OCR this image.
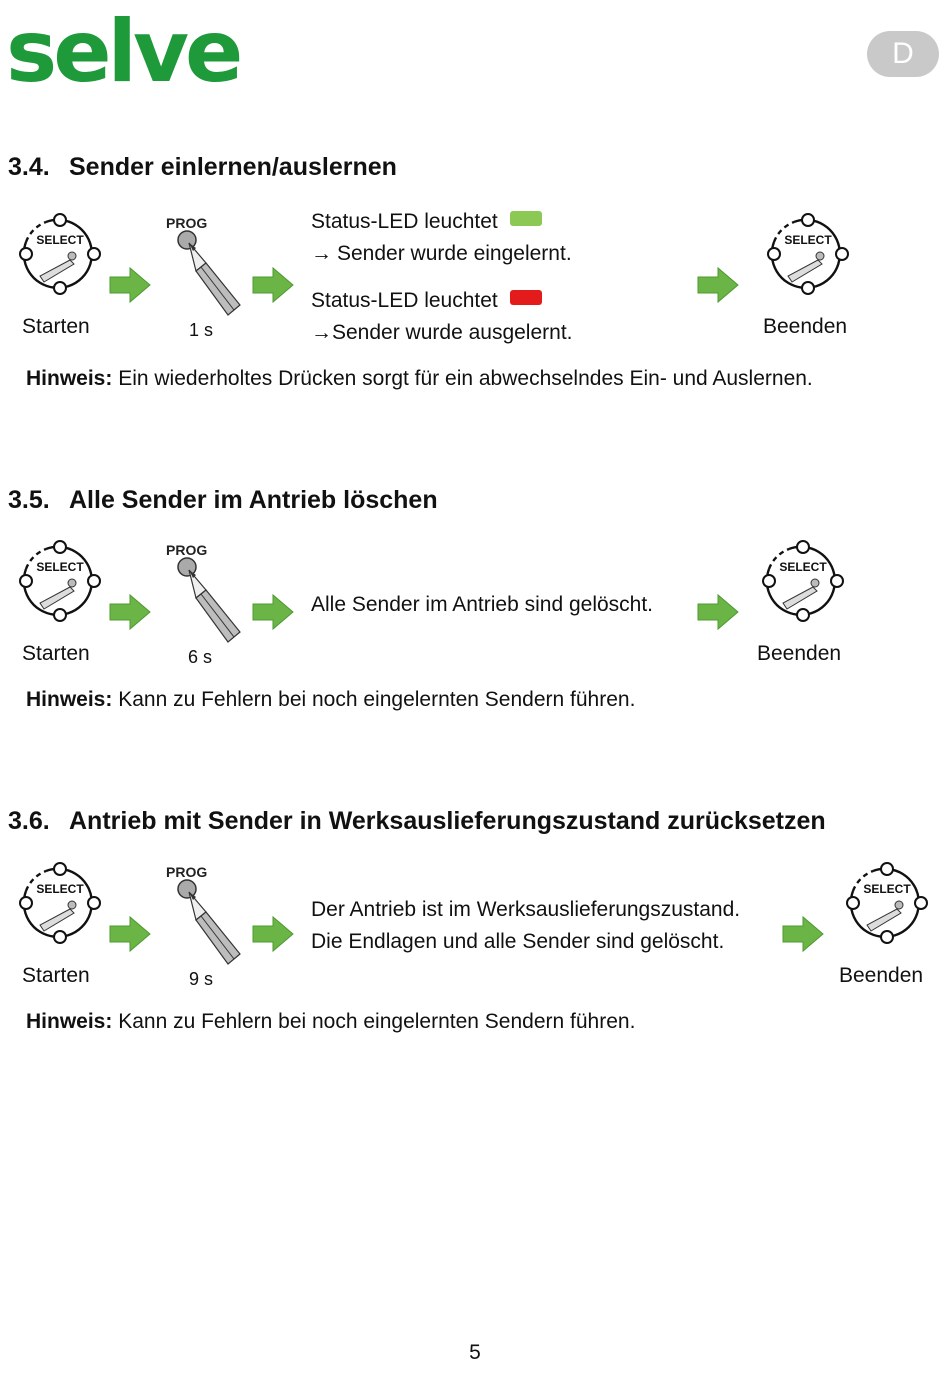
selve	D
3.4. Sender einlernen/auslernen
SELECT
PROG	Status-LED leuchtet
→ Sender wurde eingelernt.
Status-LED leuchtet
→Sender wurde ausgelernt.
SELECT
Starten	1 s	Beenden
Hinweis: Ein wiederholtes Drücken sorgt für ein abwechselndes Ein- und Auslernen.
3.5. Alle Sender im Antrieb löschen
SELECT
PROG
Alle Sender im Antrieb sind gelöscht.
SELECT
Starten	6 s	Beenden
Hinweis: Kann zu Fehlern bei noch eingelernten Sendern führen.
3.6. Antrieb mit Sender in Werksauslieferungszustand zurücksetzen
SELECT
PROG
Der Antrieb ist im Werksauslieferungszustand.
Die Endlagen und alle Sender sind gelöscht.
SELECT
Starten	9 s	Beenden
Hinweis: Kann zu Fehlern bei noch eingelernten Sendern führen.
5
